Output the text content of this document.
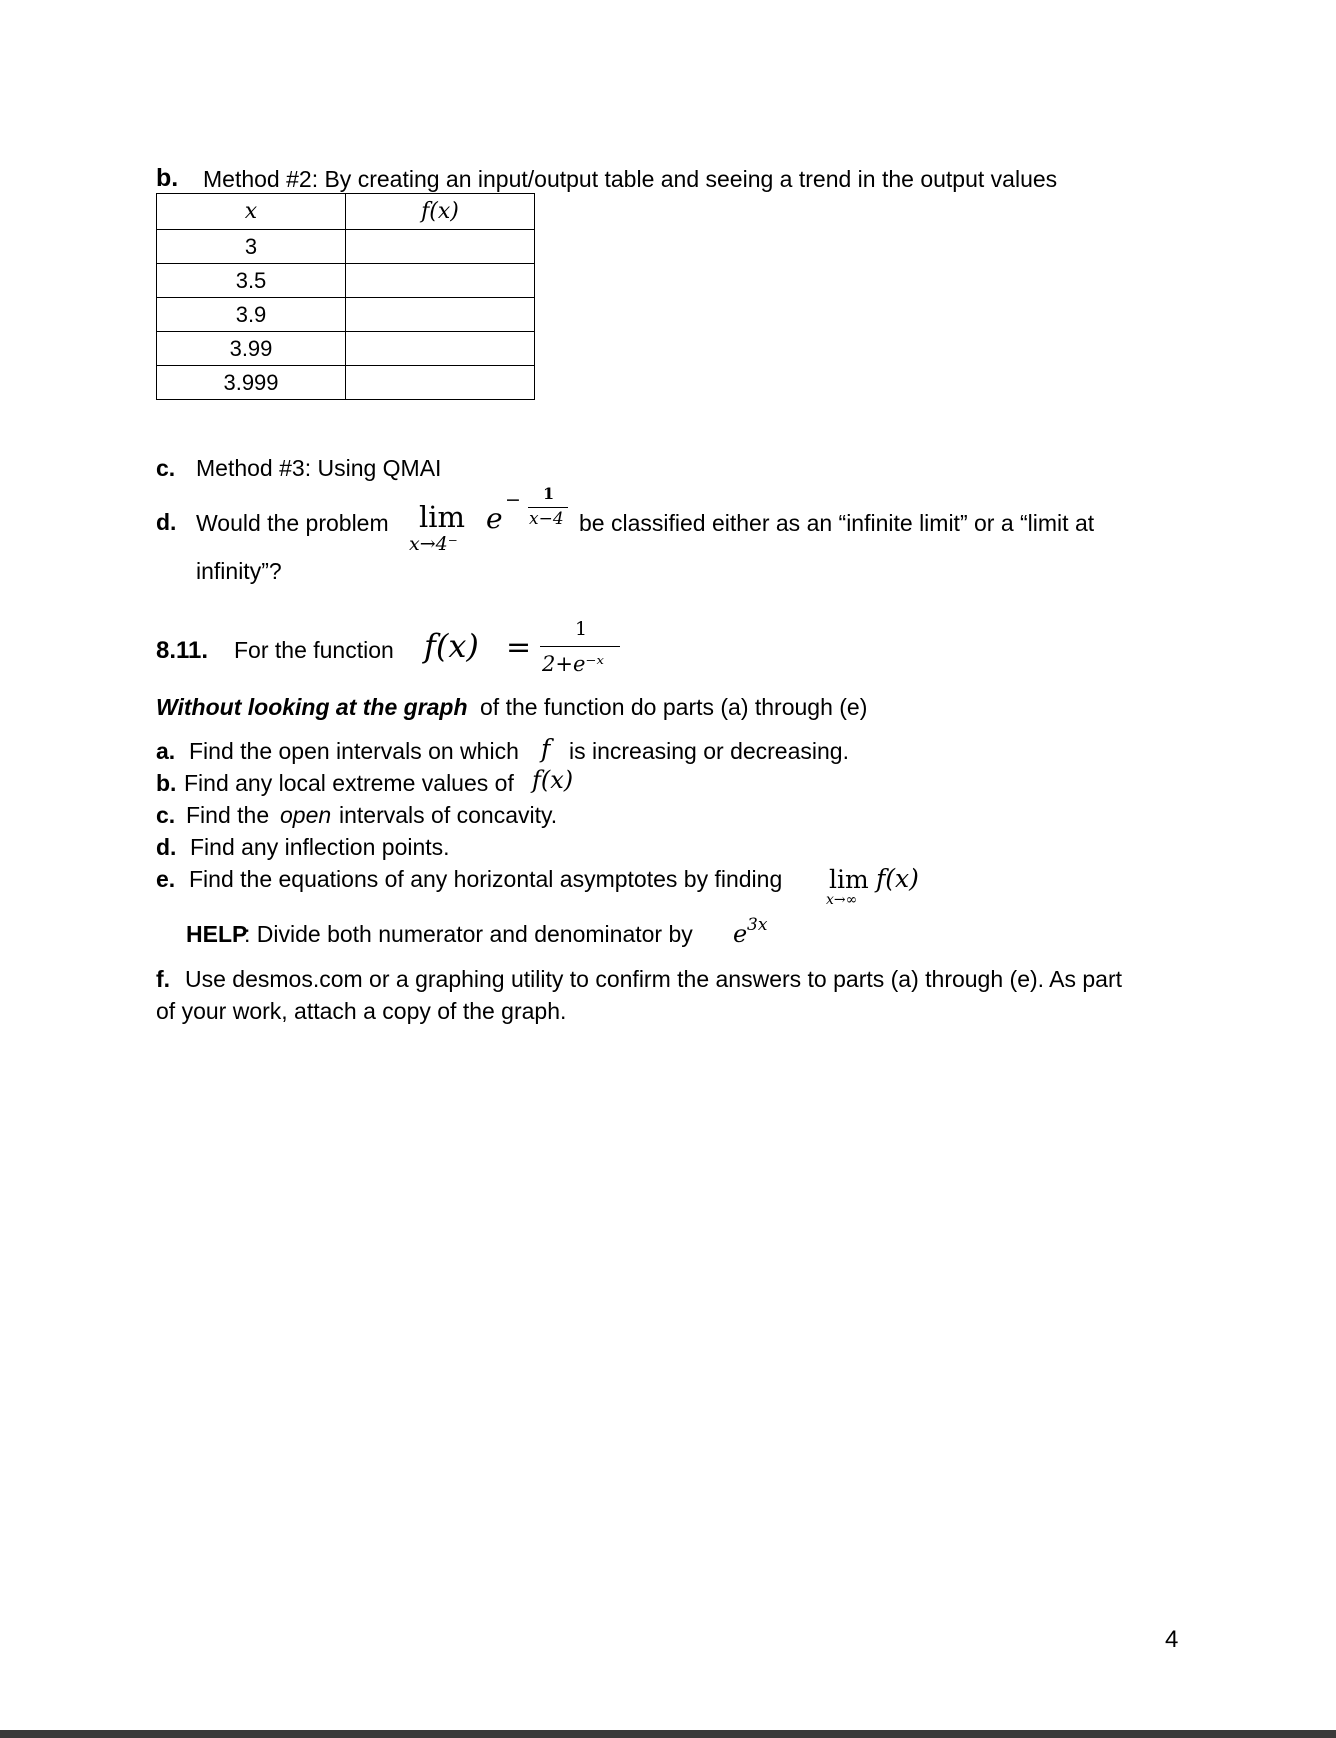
b. Method #2: By creating an input/output table and seeing a trend in the output values
x	f(x)
3	
3.5	
3.9	
3.99	
3.999	
c. Method #3: Using QMAI
d. Would the problem lim
x→4⁻
e
− 1
x−4 be classified either as an “infinite limit” or a “limit at
infinity”?
8.11. For the function f(x) =
1
2+e⁻ˣ
Without looking at the graph of the function do parts (a) through (e)
a. Find the open intervals on which f is increasing or decreasing.
b. Find any local extreme values of f(x)
c. Find the open intervals of concavity.
d. Find any inflection points.
e. Find the equations of any horizontal asymptotes by finding lim f(x)
x→∞
HELP
: Divide both numerator and denominator by e 3x
f. Use desmos.com or a graphing utility to confirm the answers to parts (a) through (e). As part
of your work, attach a copy of the graph.
4
